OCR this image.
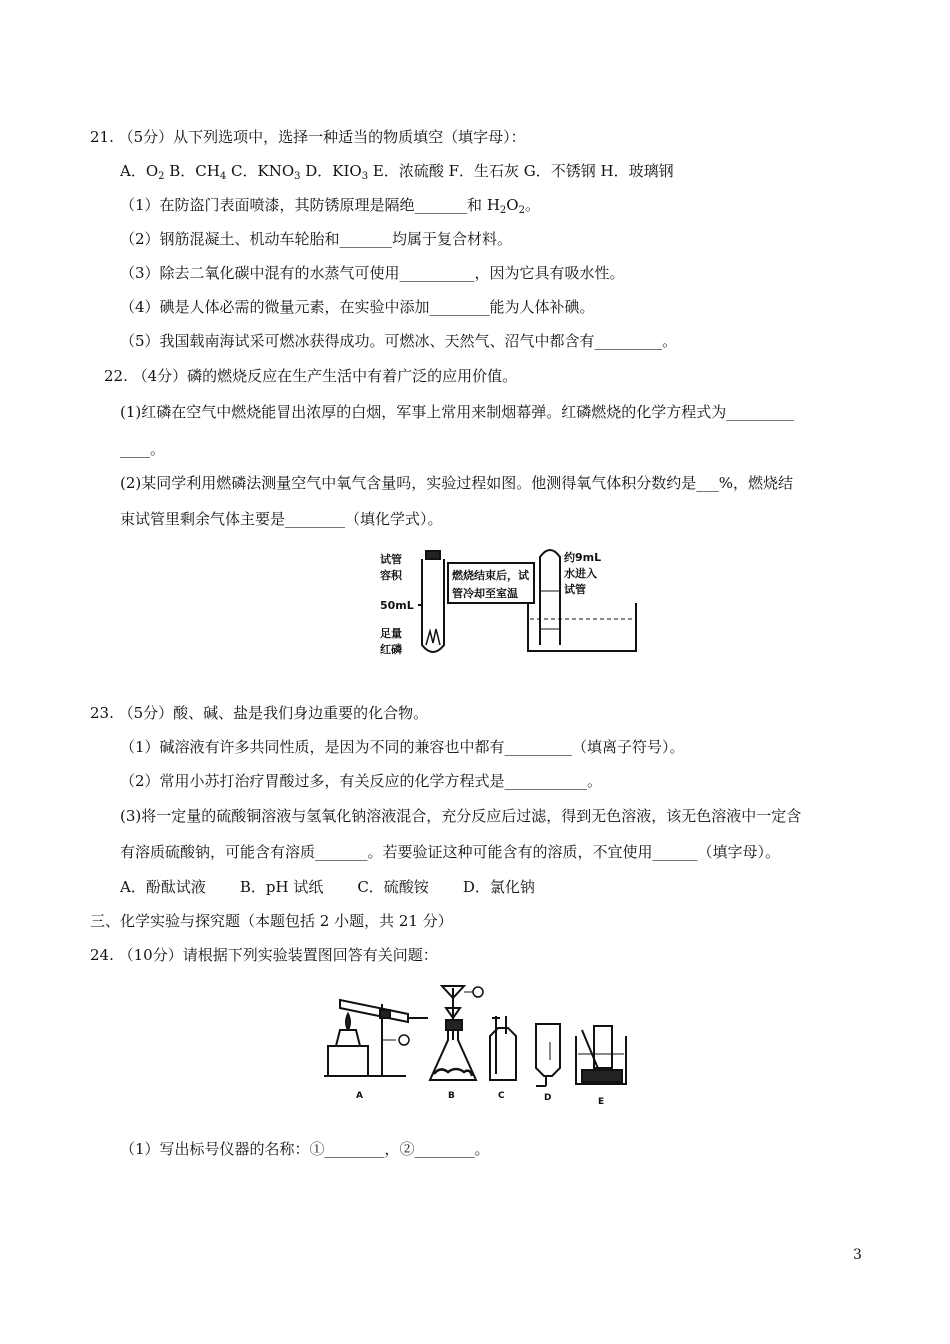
21. （5分）从下列选项中，选择一种适当的物质填空（填字母）：
A．$O_2$ B．$CH_4$ C．$KNO_3$ D．$KIO_3$ E．浓硫酸 F．生石灰 G．不锈钢 H．玻璃钢
（1）在防盗门表面喷漆，其防锈原理是隔绝_______和 $H_2O_2$。
（2）钢筋混凝土、机动车轮胎和_______均属于复合材料。
（3）除去二氧化碳中混有的水蒸气可使用__________，因为它具有吸水性。
（4）碘是人体必需的微量元素，在实验中添加________能为人体补碘。
（5）我国载南海试采可燃冰获得成功。可燃冰、天然气、沼气中都含有_________。
22. （4分）磷的燃烧反应在生产生活中有着广泛的应用价值。
(1)红磷在空气中燃烧能冒出浓厚的白烟，军事上常用来制烟幕弹。红磷燃烧的化学方程式为_________
____。
(2)某同学利用燃磷法测量空气中氧气含量吗，实验过程如图。他测得氧气体积分数约是___%，燃烧结
束试管里剩余气体主要是________（填化学式）。
试管
容积
50mL
足量
红磷
燃烧结束后，试
管冷却至室温
约9mL
水进入
试管
23. （5分）酸、碱、盐是我们身边重要的化合物。
（1）碱溶液有许多共同性质，是因为不同的兼容也中都有_________（填离子符号）。
（2）常用小苏打治疗胃酸过多，有关反应的化学方程式是___________。
(3)将一定量的硫酸铜溶液与氢氧化钠溶液混合，充分反应后过滤，得到无色溶液，该无色溶液中一定含
有溶质硫酸钠，可能含有溶质_______。若要验证这种可能含有的溶质，不宜使用______（填字母）。
A．酚酞试液 B．pH 试纸 C．硫酸铵 D．氯化钠
三、化学实验与探究题（本题包括 2 小题，共 21 分）
24. （10分）请根据下列实验装置图回答有关问题：
A	B	C	D	E
（1）写出标号仪器的名称：①________，②________。
3
